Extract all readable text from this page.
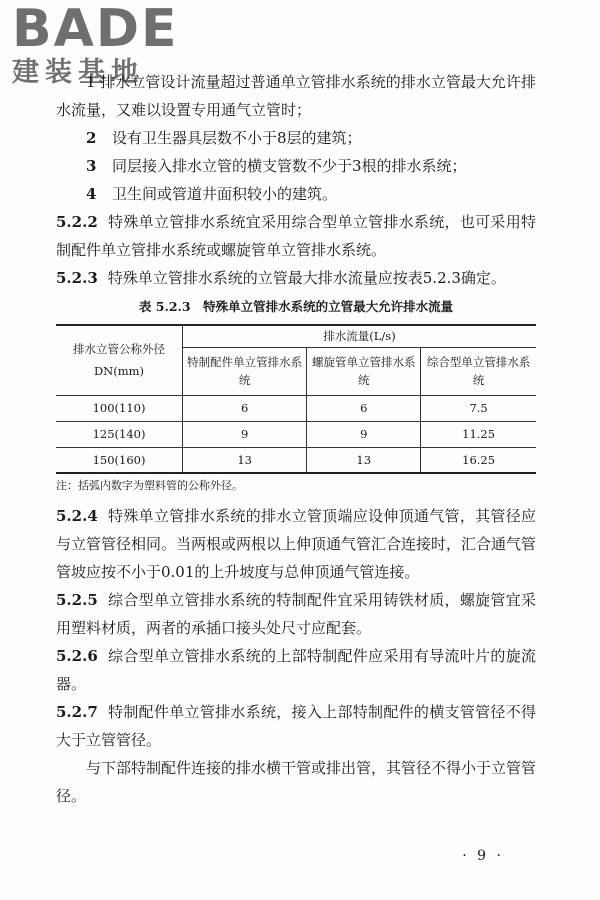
BADE
建装基地

1 排水立管设计流量超过普通单立管排水系统的排水立管最大允许排水流量，又难以设置专用通气立管时；

2 设有卫生器具层数不小于8层的建筑；

3 同层接入排水立管的横支管数不少于3根的排水系统；

4 卫生间或管道井面积较小的建筑。

5.2.2 特殊单立管排水系统宜采用综合型单立管排水系统，也可采用特制配件单立管排水系统或螺旋管单立管排水系统。

5.2.3 特殊单立管排水系统的立管最大排水流量应按表5.2.3确定。

表 5.2.3　特殊单立管排水系统的立管最大允许排水流量
排水立管公称外径DN(mm)	排水流量(L/s)		
	特制配件单立管排水系统	螺旋管单立管排水系统	综合型单立管排水系统
100(110)	6	6	7.5
125(140)	9	9	11.25
150(160)	13	13	16.25
注：括弧内数字为塑料管的公称外径。

5.2.4 特殊单立管排水系统的排水立管顶端应设伸顶通气管，其管径应与立管管径相同。当两根或两根以上伸顶通气管汇合连接时，汇合通气管管坡应按不小于0.01的上升坡度与总伸顶通气管连接。

5.2.5 综合型单立管排水系统的特制配件宜采用铸铁材质，螺旋管宜采用塑料材质，两者的承插口接头处尺寸应配套。

5.2.6 综合型单立管排水系统的上部特制配件应采用有导流叶片的旋流器。

5.2.7 特制配件单立管排水系统，接入上部特制配件的横支管管径不得大于立管管径。

与下部特制配件连接的排水横干管或排出管，其管径不得小于立管管径。

· 9 ·
